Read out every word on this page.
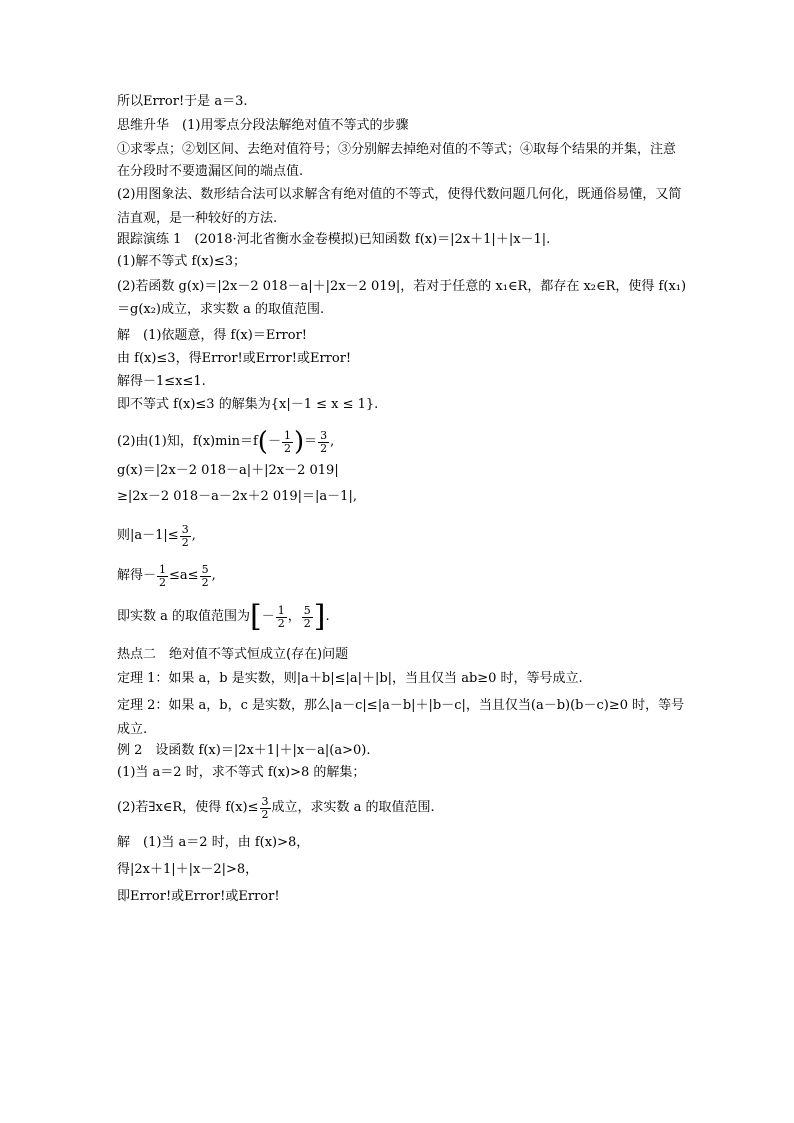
所以Error!于是 a＝3.

思维升华　 (1)用零点分段法解绝对值不等式的步骤

①求零点；②划区间、去绝对值符号；③分别解去掉绝对值的不等式；④取每个结果的并集，注意在分段时不要遗漏区间的端点值.

(2)用图象法、数形结合法可以求解含有绝对值的不等式，使得代数问题几何化，既通俗易懂，又简洁直观，是一种较好的方法.

跟踪演练 1　(2018·河北省衡水金卷模拟)已知函数 f(x)＝|2x＋1|＋|x－1|.

(1)解不等式 f(x)≤3；

(2)若函数 g(x)＝|2x－2 018－a|＋|2x－2 019|，若对于任意的 x₁∈R，都存在 x₂∈R，使得 f(x₁)＝g(x₂)成立，求实数 a 的取值范围.

解　(1)依题意，得 f(x)＝Error!

由 f(x)≤3，得Error!或Error!或Error!

解得－1≤x≤1.

即不等式 f(x)≤3 的解集为{x|－1 ≤ x ≤ 1}.

(2)由(1)知，f(x)min＝f ( － $\frac{1}{2}$ ) ＝ $\frac{3}{2}$ ,

g(x)＝|2x－2 018－a|＋|2x－2 019|

≥|2x－2 018－a－2x＋2 019|＝|a－1|,

则$|a-1|\le \frac{3}{2}$ ,

解得－ $\frac{1}{2} \le a\le \frac{5}{2}$ ,

即实数 a 的取值范围为 [ － $\frac{1}{2}$ ， $\frac{5}{2}$ ] .

热点二　绝对值不等式恒成立(存在)问题

定理 1：如果 a，b 是实数，则|a＋b|≤|a|＋|b|，当且仅当 ab≥0 时，等号成立.

定理 2：如果 a，b，c 是实数，那么|a－c|≤|a－b|＋|b－c|，当且仅当(a－b)(b－c)≥0 时，等号成立.

例 2　设函数 f(x)＝|2x＋1|＋|x－a|(a>0).

(1)当 a＝2 时，求不等式 f(x)>8 的解集；

(2)若∃x∈R，使得 $f(x)\le \frac{3}{2}$ 成立，求实数 a 的取值范围.

解　(1)当 a＝2 时，由 f(x)>8，

得|2x＋1|＋|x－2|>8，

即Error!或Error!或Error!
